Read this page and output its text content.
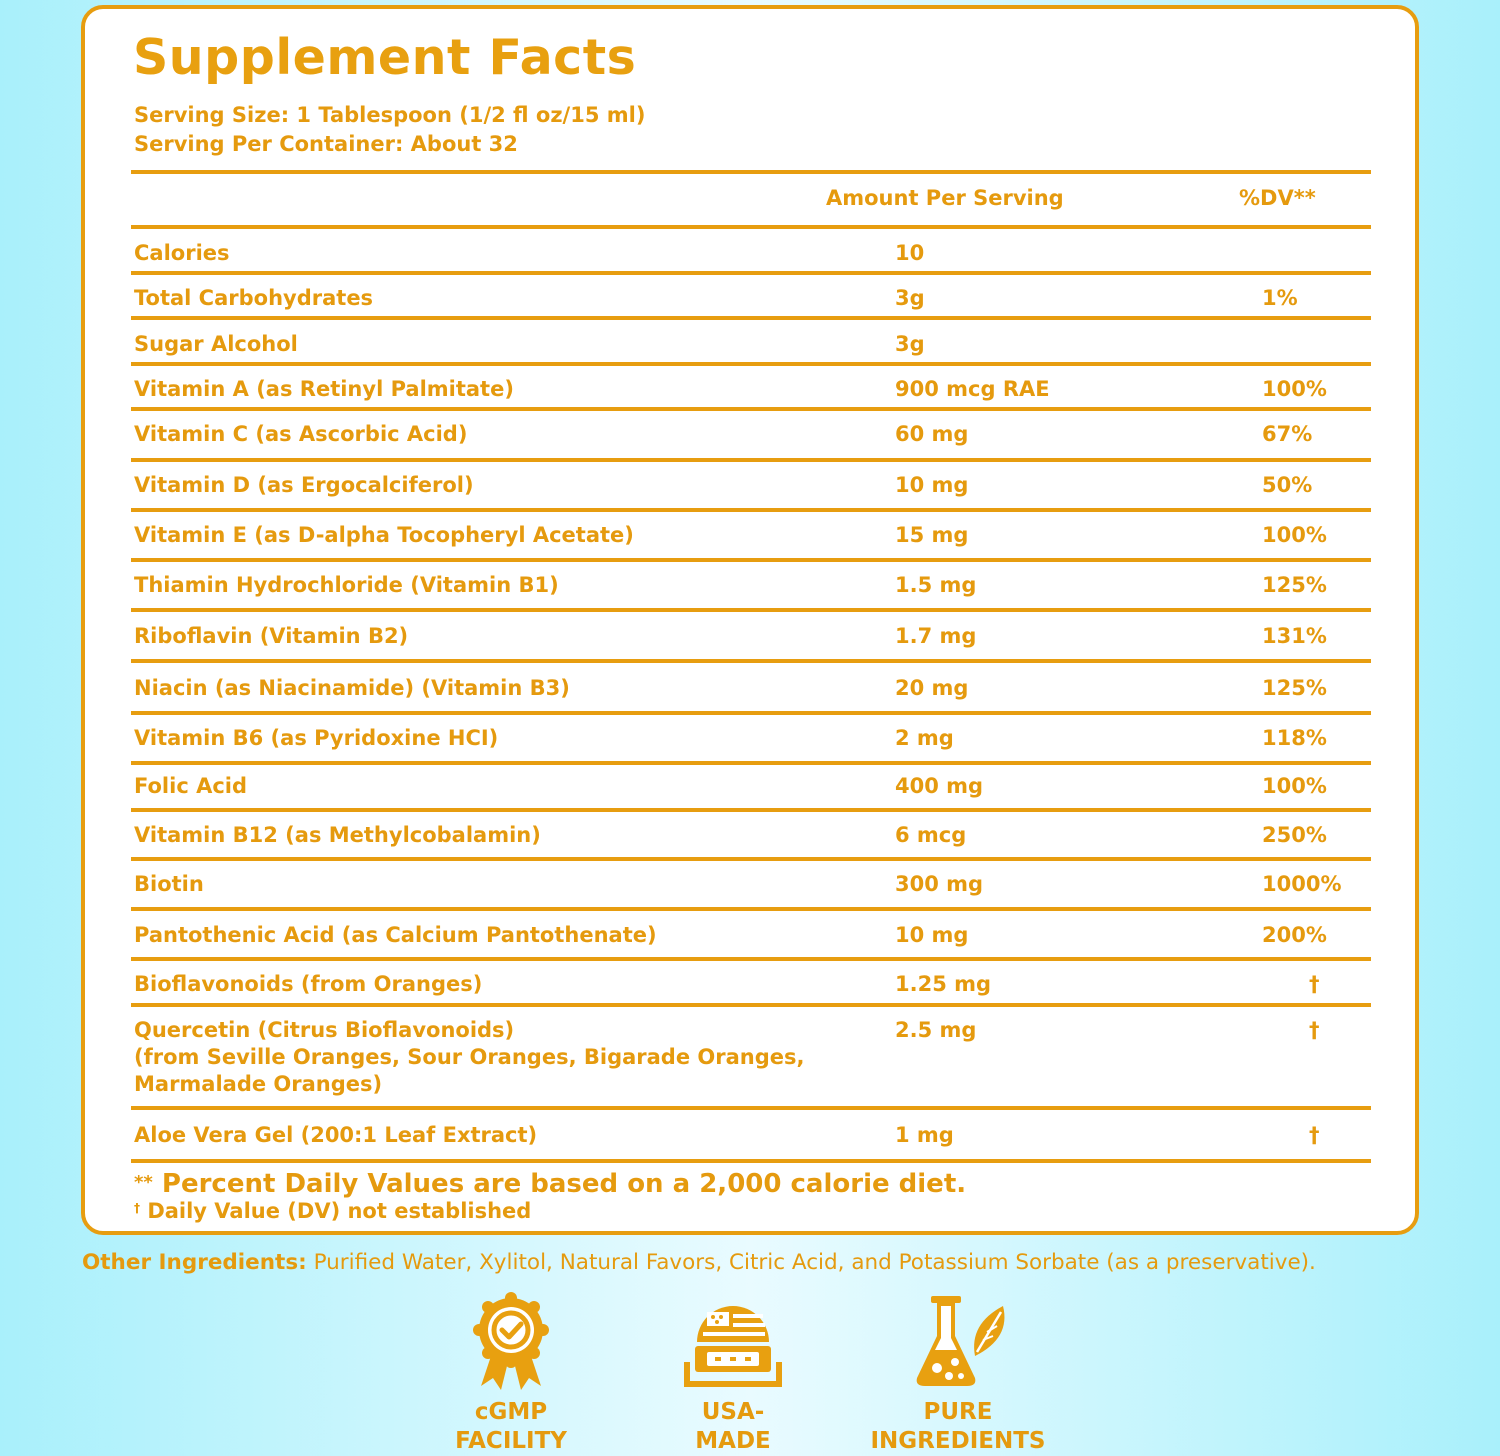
Supplement Facts
Serving Size: 1 Tablespoon (1/2 fl oz/15 ml)
Serving Per Container: About 32
Amount Per Serving	%DV**
Calories	10
Total Carbohydrates	3g	1%
Sugar Alcohol	3g
Vitamin A (as Retinyl Palmitate)	900 mcg RAE	100%
Vitamin C (as Ascorbic Acid)	60 mg	67%
Vitamin D (as Ergocalciferol)	10 mg	50%
Vitamin E (as D-alpha Tocopheryl Acetate)	15 mg	100%
Thiamin Hydrochloride (Vitamin B1)	1.5 mg	125%
Riboflavin (Vitamin B2)	1.7 mg	131%
Niacin (as Niacinamide) (Vitamin B3)	20 mg	125%
Vitamin B6 (as Pyridoxine HCI)	2 mg	118%
Folic Acid	400 mg	100%
Vitamin B12 (as Methylcobalamin)	6 mcg	250%
Biotin	300 mg	1000%
Pantothenic Acid (as Calcium Pantothenate)	10 mg	200%
Bioflavonoids (from Oranges)	1.25 mg	†
Quercetin (Citrus Bioflavonoids)
(from Seville Oranges, Sour Oranges, Bigarade Oranges,
Marmalade Oranges)
2.5 mg	†
Aloe Vera Gel (200:1 Leaf Extract)	1 mg	†
** Percent Daily Values are based on a 2,000 calorie diet.
† Daily Value (DV) not established
Other Ingredients: Purified Water, Xylitol, Natural Favors, Citric Acid, and Potassium Sorbate (as a preservative).
cGMP
FACILITY
USA-
MADE
PURE
INGREDIENTS
